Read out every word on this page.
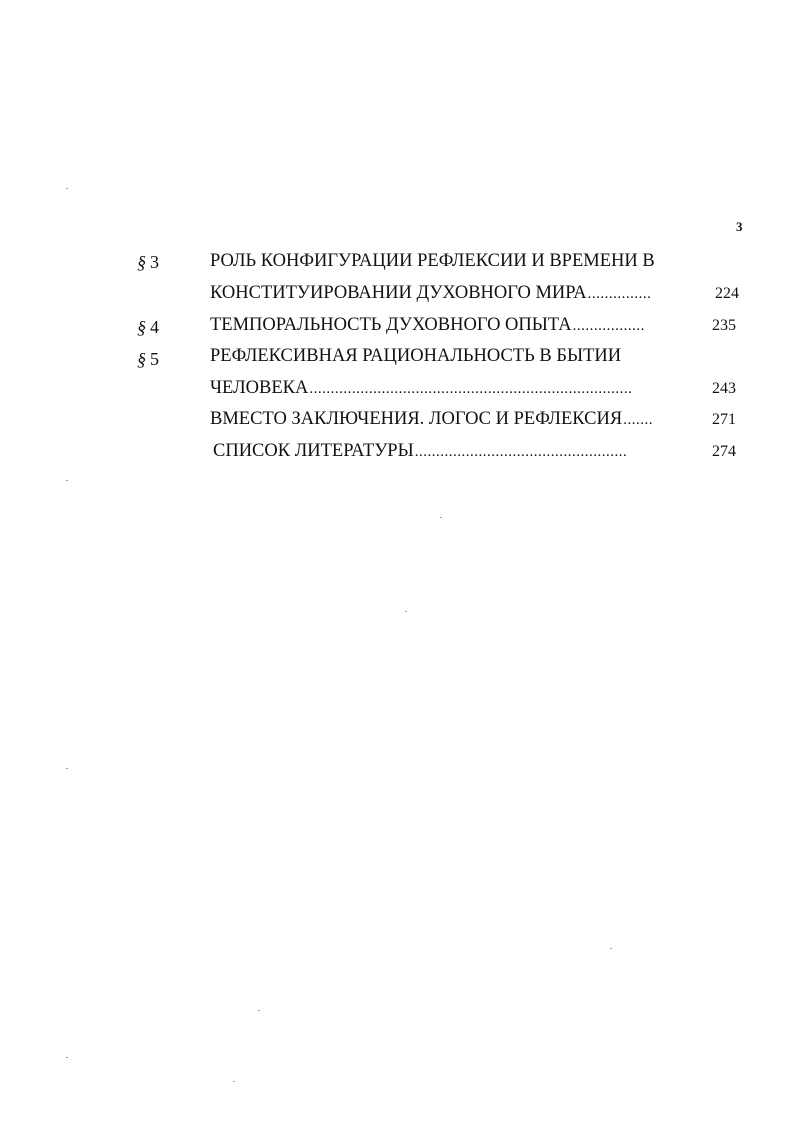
3
§ 3	РОЛЬ КОНФИГУРАЦИИ РЕФЛЕКСИИ И ВРЕМЕНИ В
КОНСТИТУИРОВАНИИ ДУХОВНОГО МИРА ...............	224
§ 4	ТЕМПОРАЛЬНОСТЬ ДУХОВНОГО ОПЫТА .................	235
§ 5	РЕФЛЕКСИВНАЯ РАЦИОНАЛЬНОСТЬ В БЫТИИ
ЧЕЛОВЕКА ............................................................................	243
ВМЕСТО ЗАКЛЮЧЕНИЯ. ЛОГОС И РЕФЛЕКСИЯ .......	271
СПИСОК ЛИТЕРАТУРЫ ..................................................	274
